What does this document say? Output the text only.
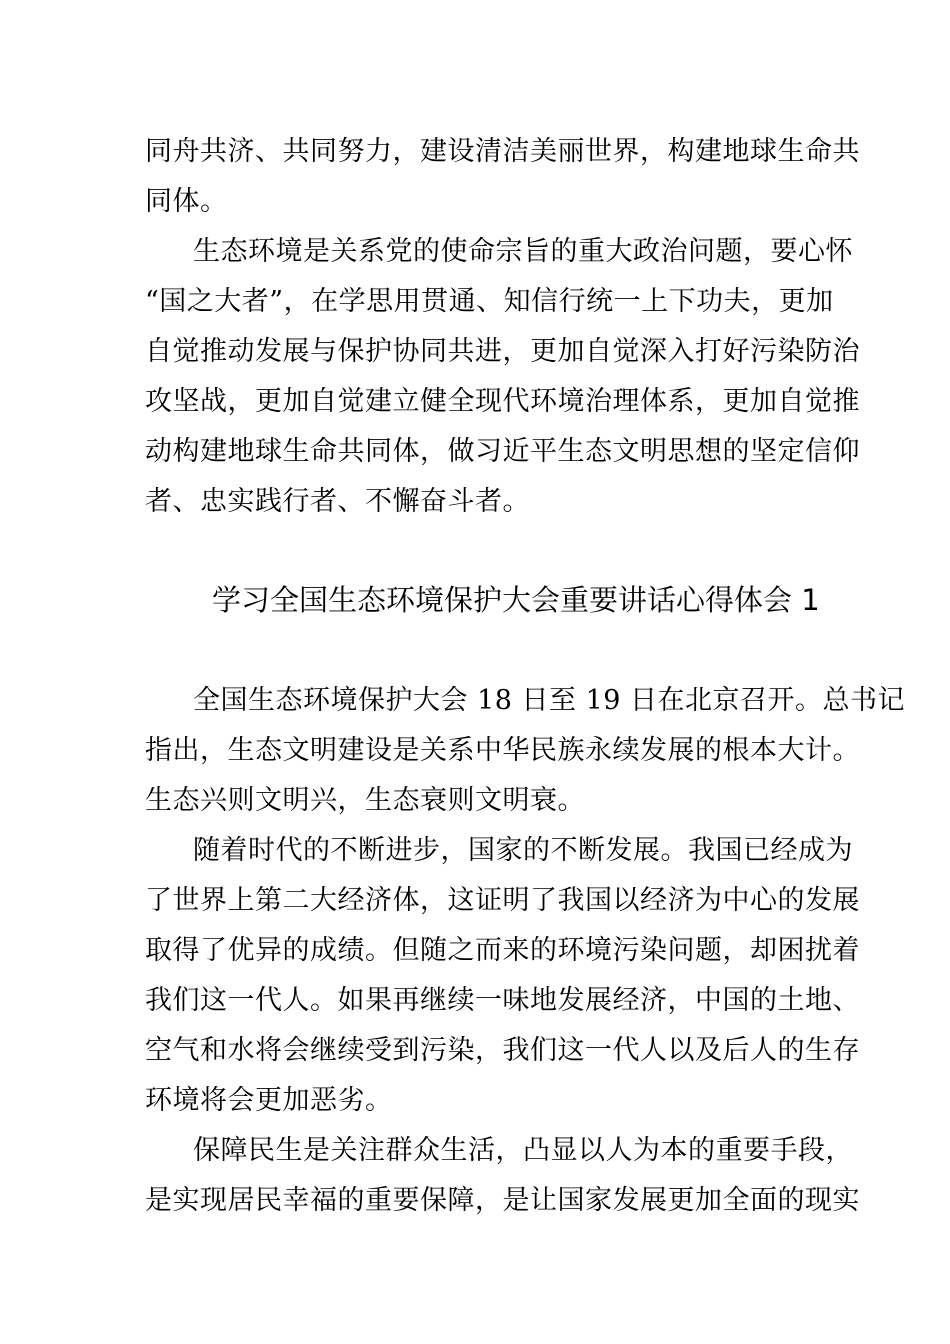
同舟共济、共同努力，建设清洁美丽世界，构建地球生命共
同体。
生态环境是关系党的使命宗旨的重大政治问题，要心怀
“国之大者”，在学思用贯通、知信行统一上下功夫，更加
自觉推动发展与保护协同共进，更加自觉深入打好污染防治
攻坚战，更加自觉建立健全现代环境治理体系，更加自觉推
动构建地球生命共同体，做习近平生态文明思想的坚定信仰
者、忠实践行者、不懈奋斗者。
学习全国生态环境保护大会重要讲话心得体会 1
全国生态环境保护大会 18 日至 19 日在北京召开。总书记
指出，生态文明建设是关系中华民族永续发展的根本大计。
生态兴则文明兴，生态衰则文明衰。
随着时代的不断进步，国家的不断发展。我国已经成为
了世界上第二大经济体，这证明了我国以经济为中心的发展
取得了优异的成绩。但随之而来的环境污染问题，却困扰着
我们这一代人。如果再继续一味地发展经济，中国的土地、
空气和水将会继续受到污染，我们这一代人以及后人的生存
环境将会更加恶劣。
保障民生是关注群众生活，凸显以人为本的重要手段，
是实现居民幸福的重要保障，是让国家发展更加全面的现实
